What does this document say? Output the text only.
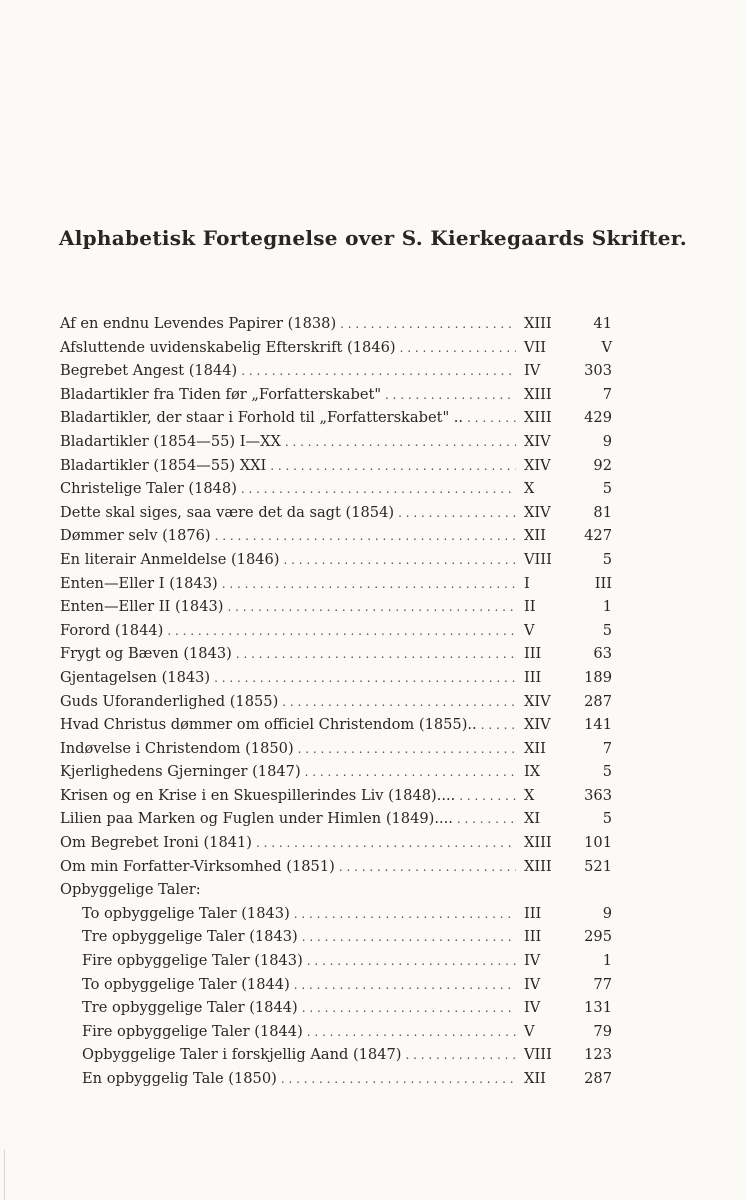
Alphabetisk Fortegnelse over S. Kierkegaards Skrifter.
Af en endnu Levendes Papirer (1838) . . .	XIII	41
Afsluttende uvidenskabelig Efterskrift (1846) . . .	VII	V
Begrebet Angest (1844) . . .	IV	303
Bladartikler fra Tiden før „Forfatterskabet" . . .	XIII	7
Bladartikler, der staar i Forhold til „Forfatterskabet" .. . . .	XIII	429
Bladartikler (1854—55) I—XX . . .	XIV	9
Bladartikler (1854—55) XXI . . .	XIV	92
Christelige Taler (1848) . . .	X	5
Dette skal siges, saa være det da sagt (1854) . . .	XIV	81
Dømmer selv (1876) . . .	XII	427
En literair Anmeldelse (1846) . . .	VIII	5
Enten—Eller I (1843) . . .	I	III
Enten—Eller II (1843) . . .	II	1
Forord (1844) . . .	V	5
Frygt og Bæven (1843) . . .	III	63
Gjentagelsen (1843) . . .	III	189
Guds Uforanderlighed (1855) . . .	XIV	287
Hvad Christus dømmer om officiel Christendom (1855).. . . .	XIV	141
Indøvelse i Christendom (1850) . . .	XII	7
Kjerlighedens Gjerninger (1847) . . .	IX	5
Krisen og en Krise i en Skuespillerindes Liv (1848).... . . .	X	363
Lilien paa Marken og Fuglen under Himlen (1849).... . . .	XI	5
Om Begrebet Ironi (1841) . . .	XIII	101
Om min Forfatter-Virksomhed (1851) . . .	XIII	521
Opbyggelige Taler:
To opbyggelige Taler (1843) . . .	III	9
Tre opbyggelige Taler (1843) . . .	III	295
Fire opbyggelige Taler (1843) . . .	IV	1
To opbyggelige Taler (1844) . . .	IV	77
Tre opbyggelige Taler (1844) . . .	IV	131
Fire opbyggelige Taler (1844) . . .	V	79
Opbyggelige Taler i forskjellig Aand (1847) . . .	VIII	123
En opbyggelig Tale (1850) . . .	XII	287
